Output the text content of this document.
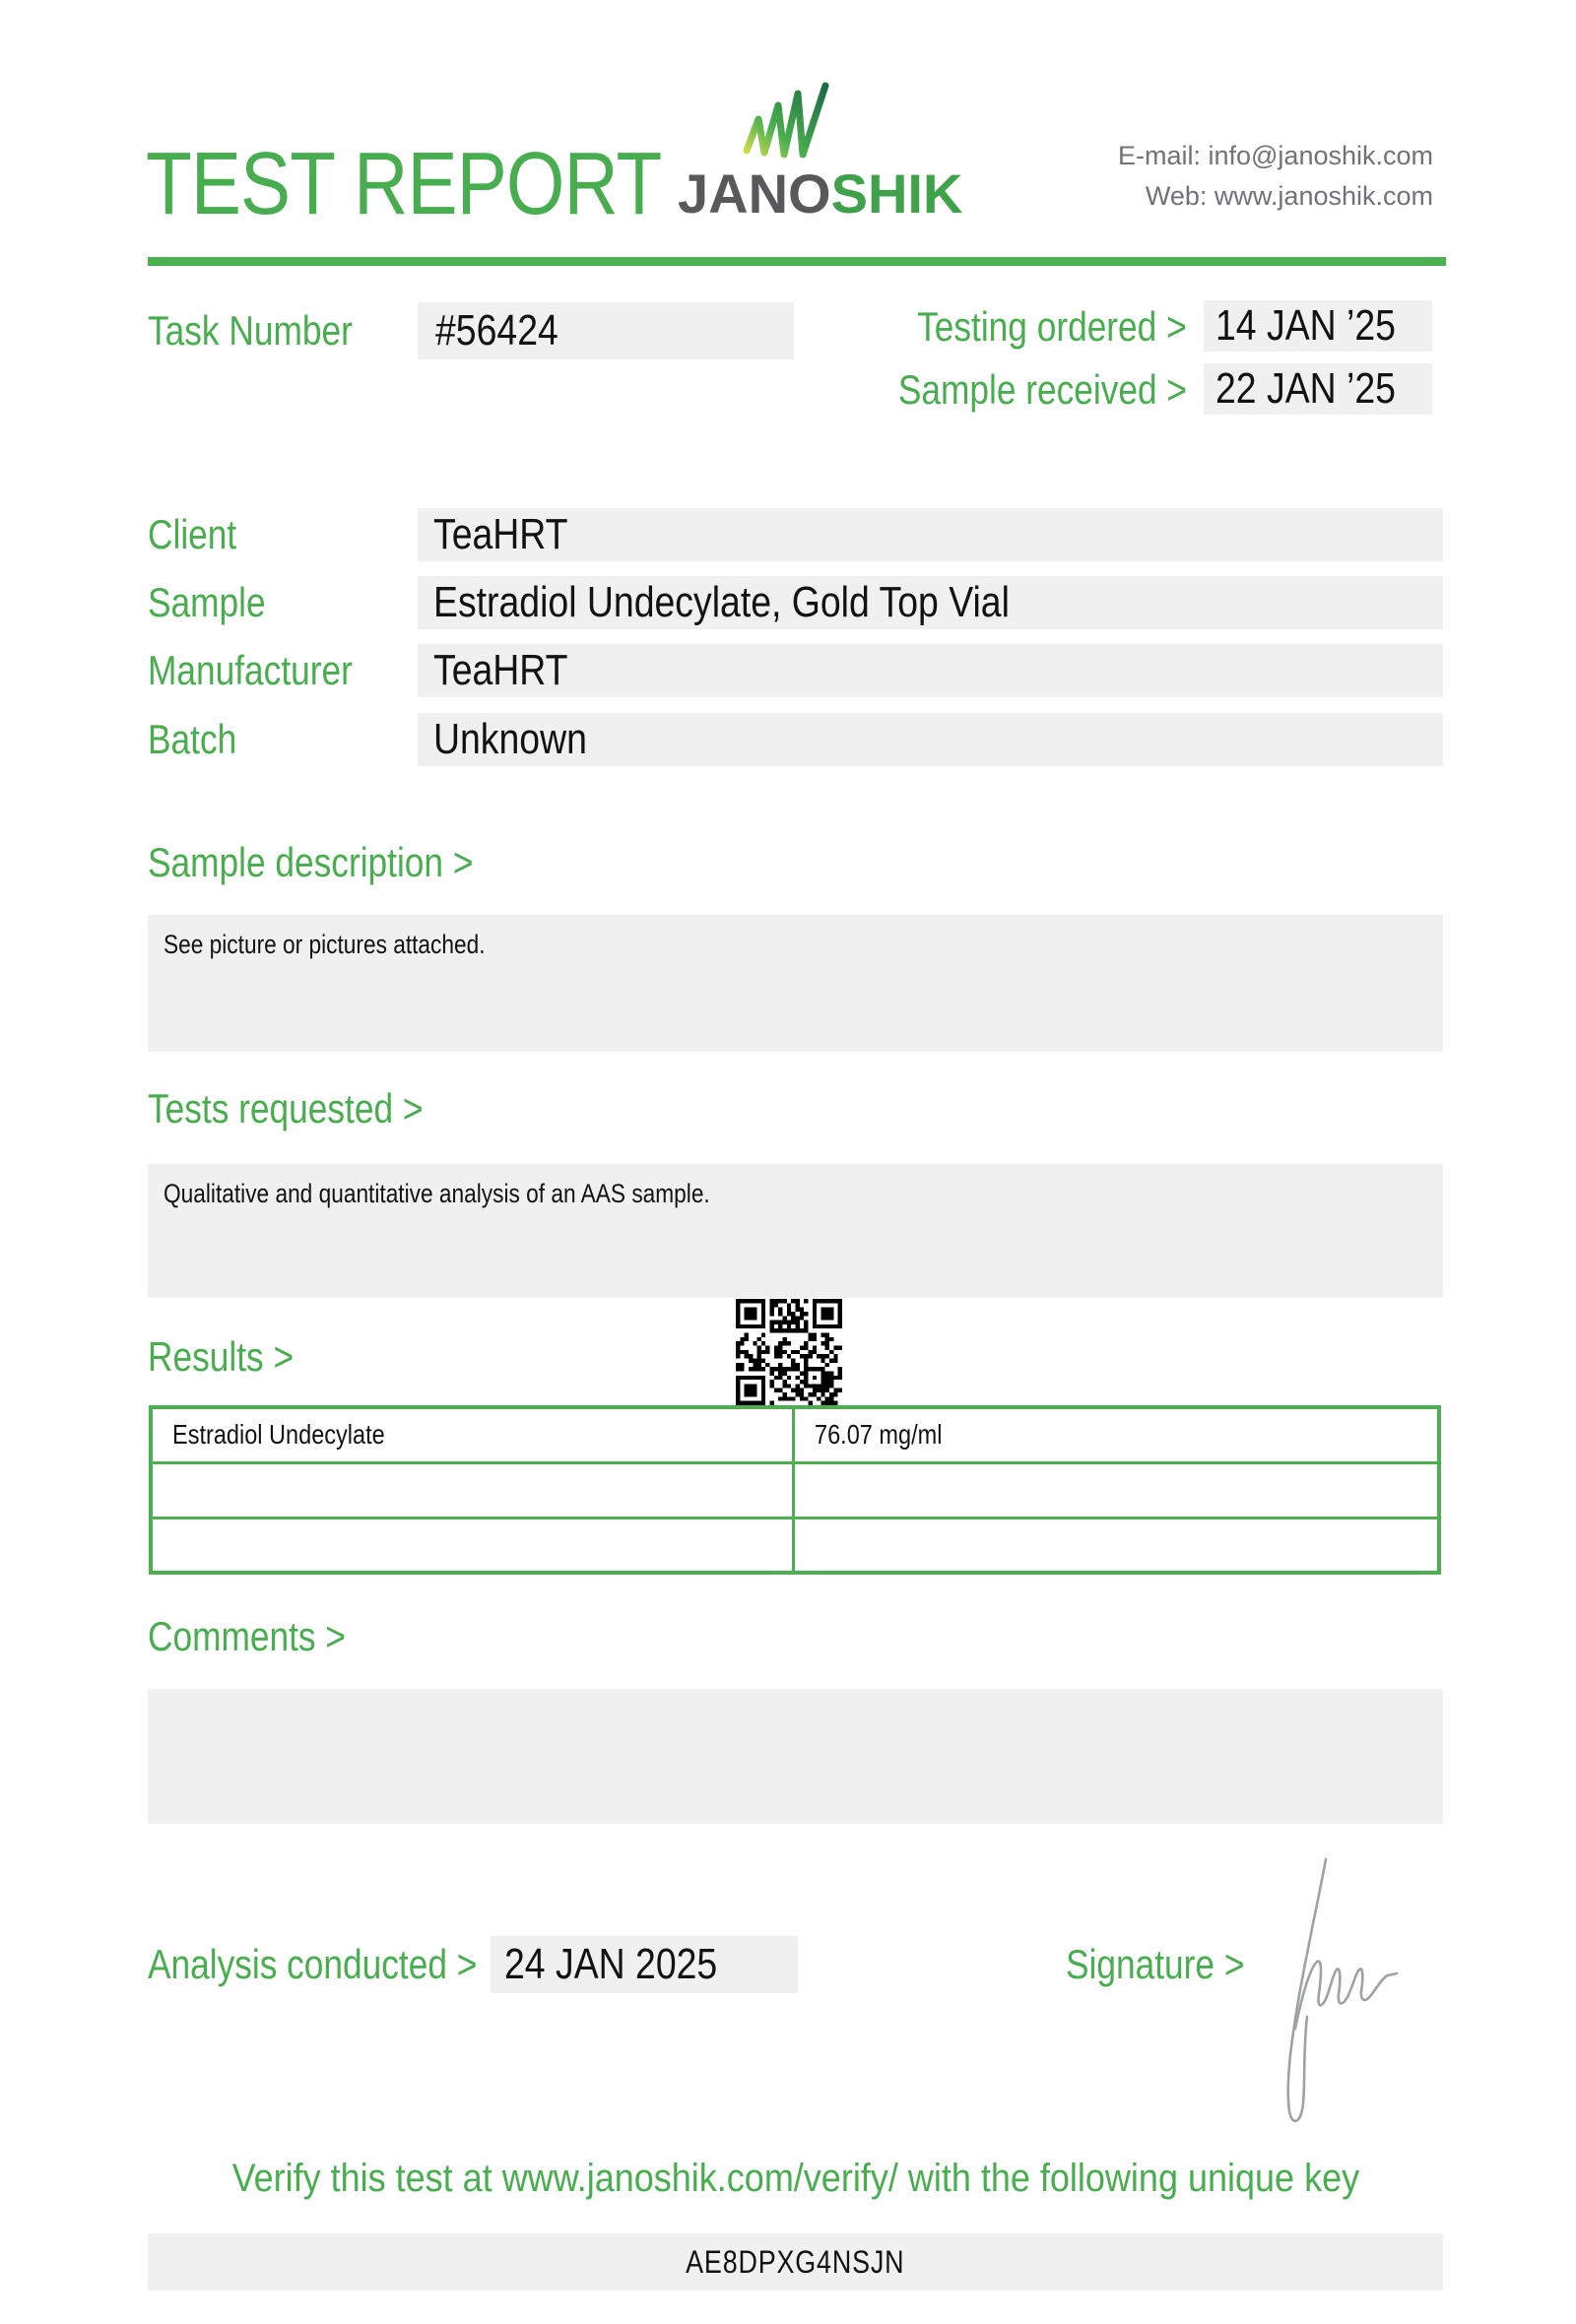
TEST REPORT JANOSHIK
E-mail: info@janoshik.com
Web: www.janoshik.com
Task Number #56424	Testing ordered > 14 JAN ’25
Sample received > 22 JAN ’25
Client	TeaHRT
Sample	Estradiol Undecylate, Gold Top Vial
Manufacturer TeaHRT
Batch	Unknown
Sample description >
See picture or pictures attached.
Tests requested >
Qualitative and quantitative analysis of an AAS sample.
Results >
Estradiol Undecylate	76.07 mg/ml

Comments >
Analysis conducted > 24 JAN 2025	Signature >
Verify this test at www.janoshik.com/verify/ with the following unique key
AE8DPXG4NSJN
